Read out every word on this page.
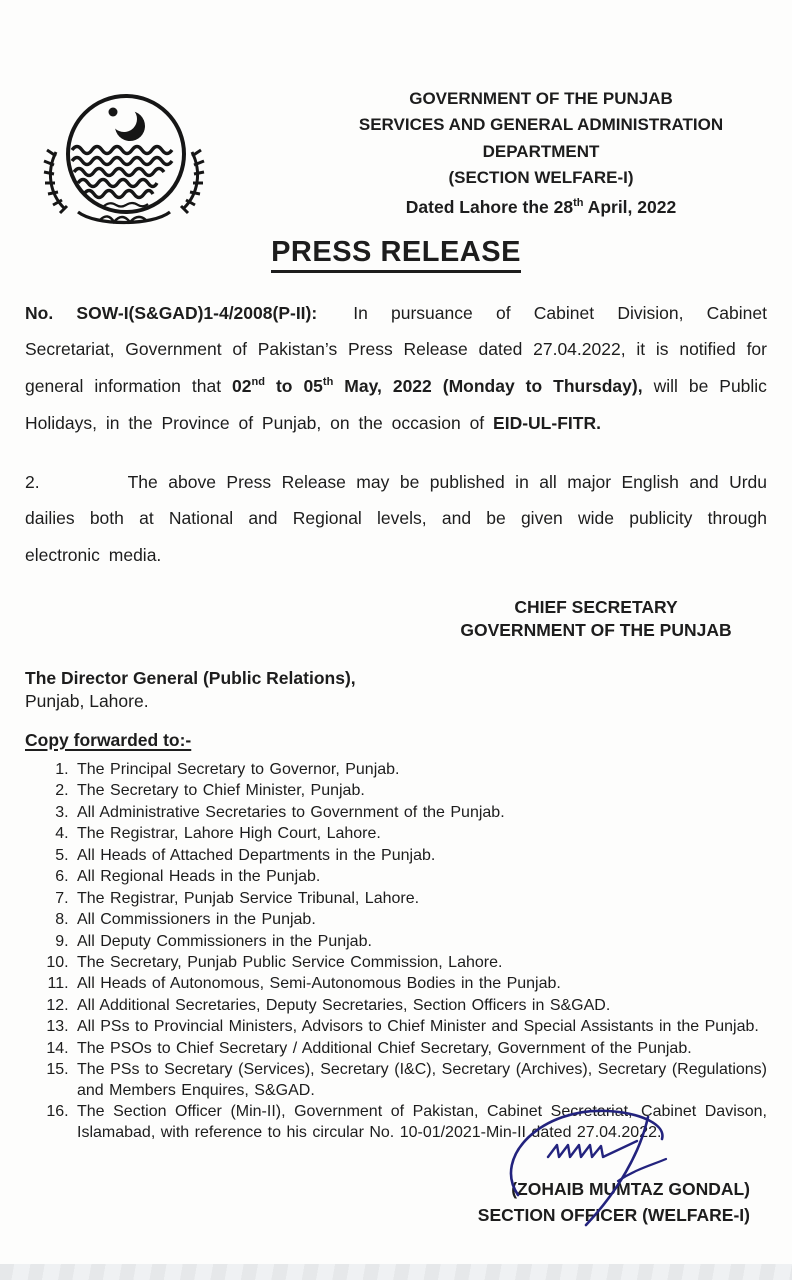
GOVERNMENT OF THE PUNJAB
SERVICES AND GENERAL ADMINISTRATION DEPARTMENT
(SECTION WELFARE-I)
Dated Lahore the 28th April, 2022
PRESS RELEASE

No. SOW-I(S&GAD)1-4/2008(P-II): In pursuance of Cabinet Division, Cabinet Secretariat, Government of Pakistan’s Press Release dated 27.04.2022, it is notified for general information that 02nd to 05th May, 2022 (Monday to Thursday), will be Public Holidays, in the Province of Punjab, on the occasion of EID-UL-FITR.

2.	The above Press Release may be published in all major English and Urdu dailies both at National and Regional levels, and be given wide publicity through electronic media.

CHIEF SECRETARY
GOVERNMENT OF THE PUNJAB
The Director General (Public Relations),
Punjab, Lahore.
Copy forwarded to:-
1. The Principal Secretary to Governor, Punjab.
2. The Secretary to Chief Minister, Punjab.
3. All Administrative Secretaries to Government of the Punjab.
4. The Registrar, Lahore High Court, Lahore.
5. All Heads of Attached Departments in the Punjab.
6. All Regional Heads in the Punjab.
7. The Registrar, Punjab Service Tribunal, Lahore.
8. All Commissioners in the Punjab.
9. All Deputy Commissioners in the Punjab.
10. The Secretary, Punjab Public Service Commission, Lahore.
11. All Heads of Autonomous, Semi-Autonomous Bodies in the Punjab.
12. All Additional Secretaries, Deputy Secretaries, Section Officers in S&GAD.
13. All PSs to Provincial Ministers, Advisors to Chief Minister and Special Assistants in the Punjab.
14. The PSOs to Chief Secretary / Additional Chief Secretary, Government of the Punjab.
15. The PSs to Secretary (Services), Secretary (I&C), Secretary (Archives), Secretary (Regulations) and Members Enquires, S&GAD.
16. The Section Officer (Min-II), Government of Pakistan, Cabinet Secretariat, Cabinet Davison, Islamabad, with reference to his circular No. 10-01/2021-Min-II dated 27.04.2022.
(ZOHAIB MUMTAZ GONDAL)
SECTION OFFICER (WELFARE-I)
